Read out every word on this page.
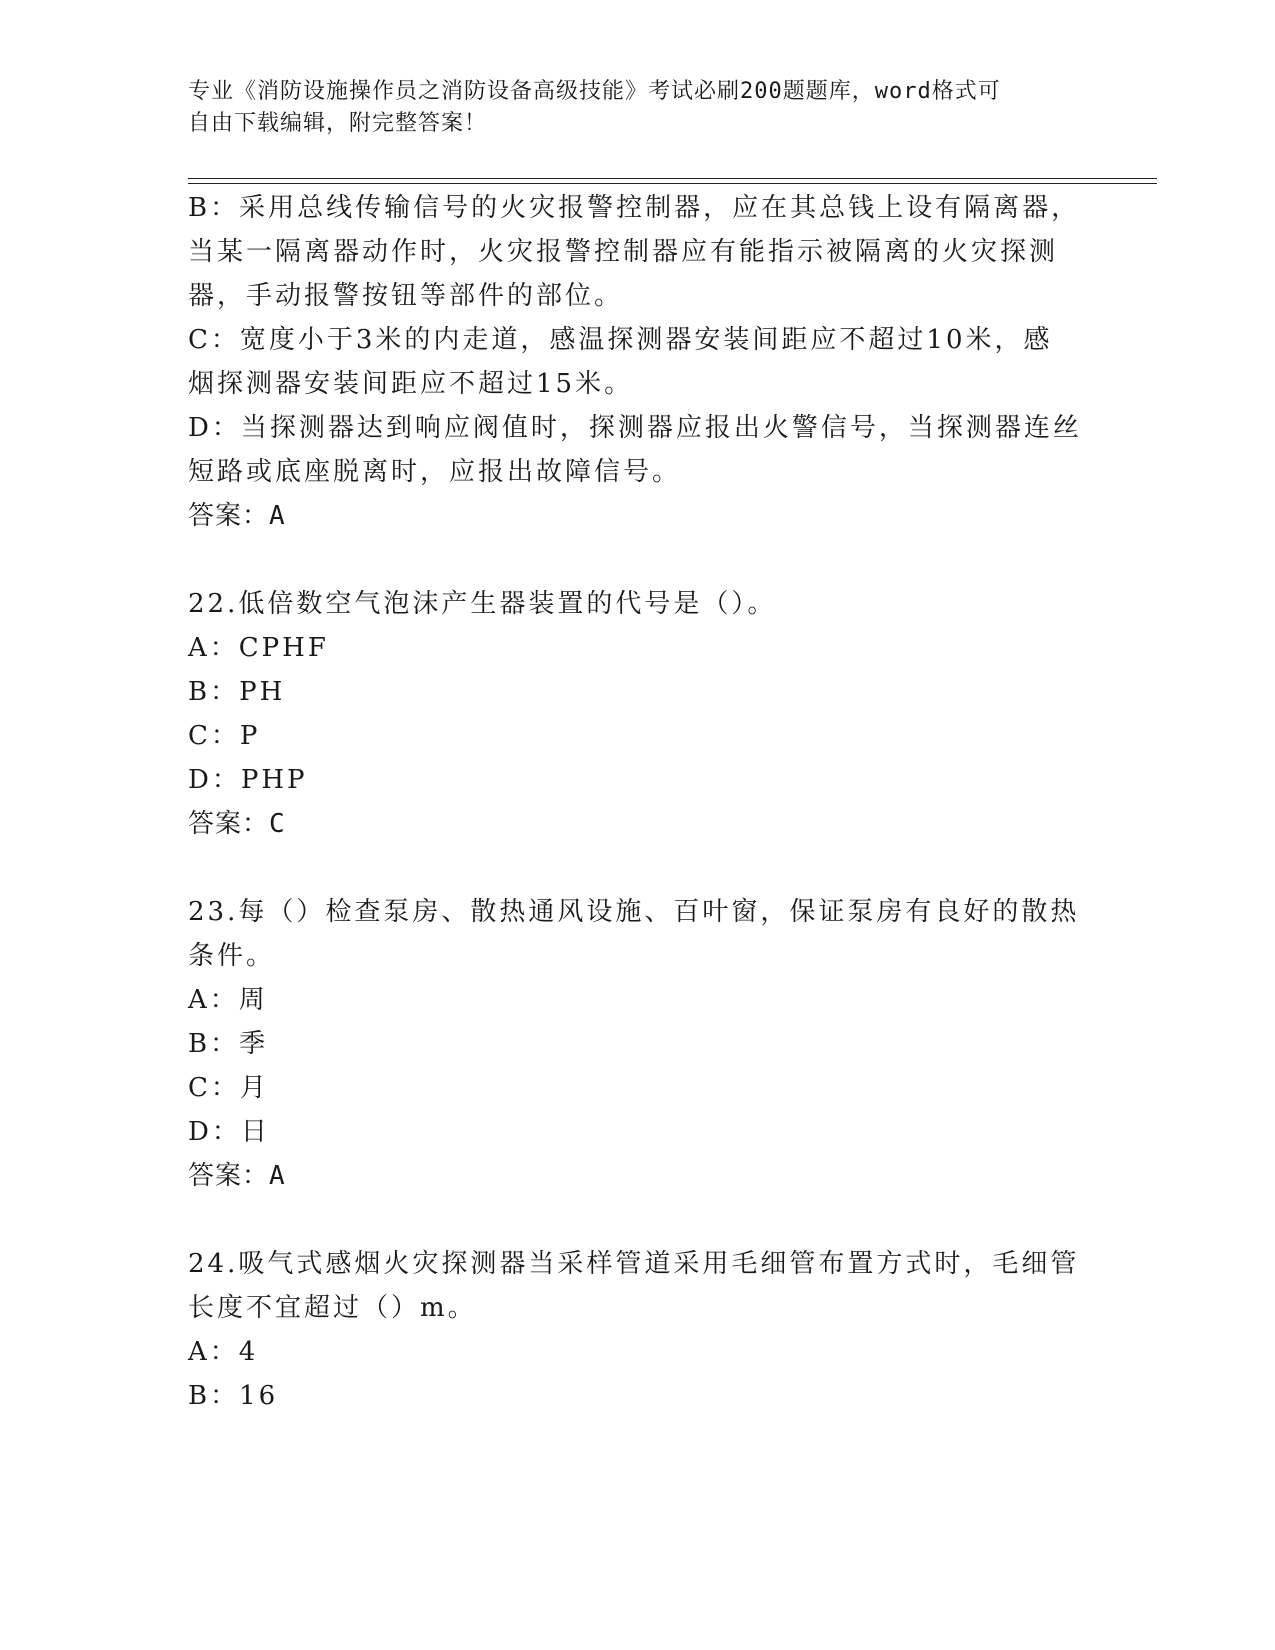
专业《消防设施操作员之消防设备高级技能》考试必刷200题题库，word格式可
自由下载编辑，附完整答案！
B：采用总线传输信号的火灾报警控制器，应在其总钱上设有隔离器，
当某一隔离器动作时，火灾报警控制器应有能指示被隔离的火灾探测
器，手动报警按钮等部件的部位。
C：宽度小于3米的内走道，感温探测器安装间距应不超过10米，感
烟探测器安装间距应不超过15米。
D：当探测器达到响应阀值时，探测器应报出火警信号，当探测器连丝
短路或底座脱离时，应报出故障信号。
答案：A
22.低倍数空气泡沫产生器装置的代号是（）。
A：CPHF
B：PH
C：P
D：PHP
答案：C
23.每（）检查泵房、散热通风设施、百叶窗，保证泵房有良好的散热
条件。
A：周
B：季
C：月
D：日
答案：A
24.吸气式感烟火灾探测器当采样管道采用毛细管布置方式时，毛细管
长度不宜超过（）m。
A：4
B：16
